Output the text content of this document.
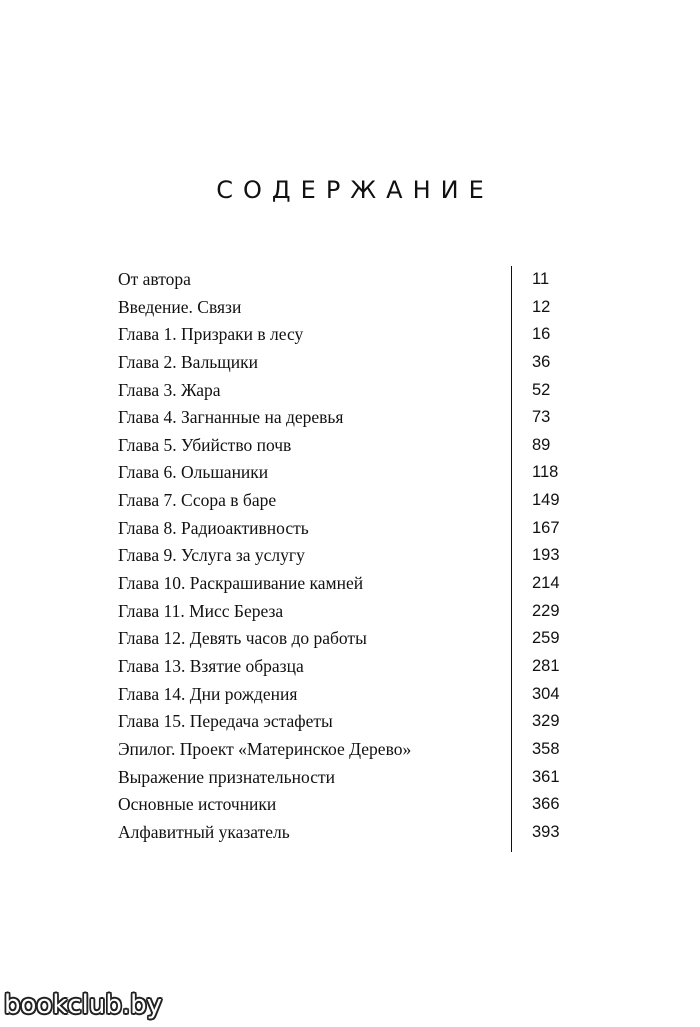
СОДЕРЖАНИЕ
От автора	11
Введение. Связи	12
Глава 1. Призраки в лесу	16
Глава 2. Вальщики	36
Глава 3. Жара	52
Глава 4. Загнанные на деревья	73
Глава 5. Убийство почв	89
Глава 6. Ольшаники	118
Глава 7. Ссора в баре	149
Глава 8. Радиоактивность	167
Глава 9. Услуга за услугу	193
Глава 10. Раскрашивание камней	214
Глава 11. Мисс Береза	229
Глава 12. Девять часов до работы	259
Глава 13. Взятие образца	281
Глава 14. Дни рождения	304
Глава 15. Передача эстафеты	329
Эпилог. Проект «Материнское Дерево»	358
Выражение признательности	361
Основные источники	366
Алфавитный указатель	393
bookclub.by
